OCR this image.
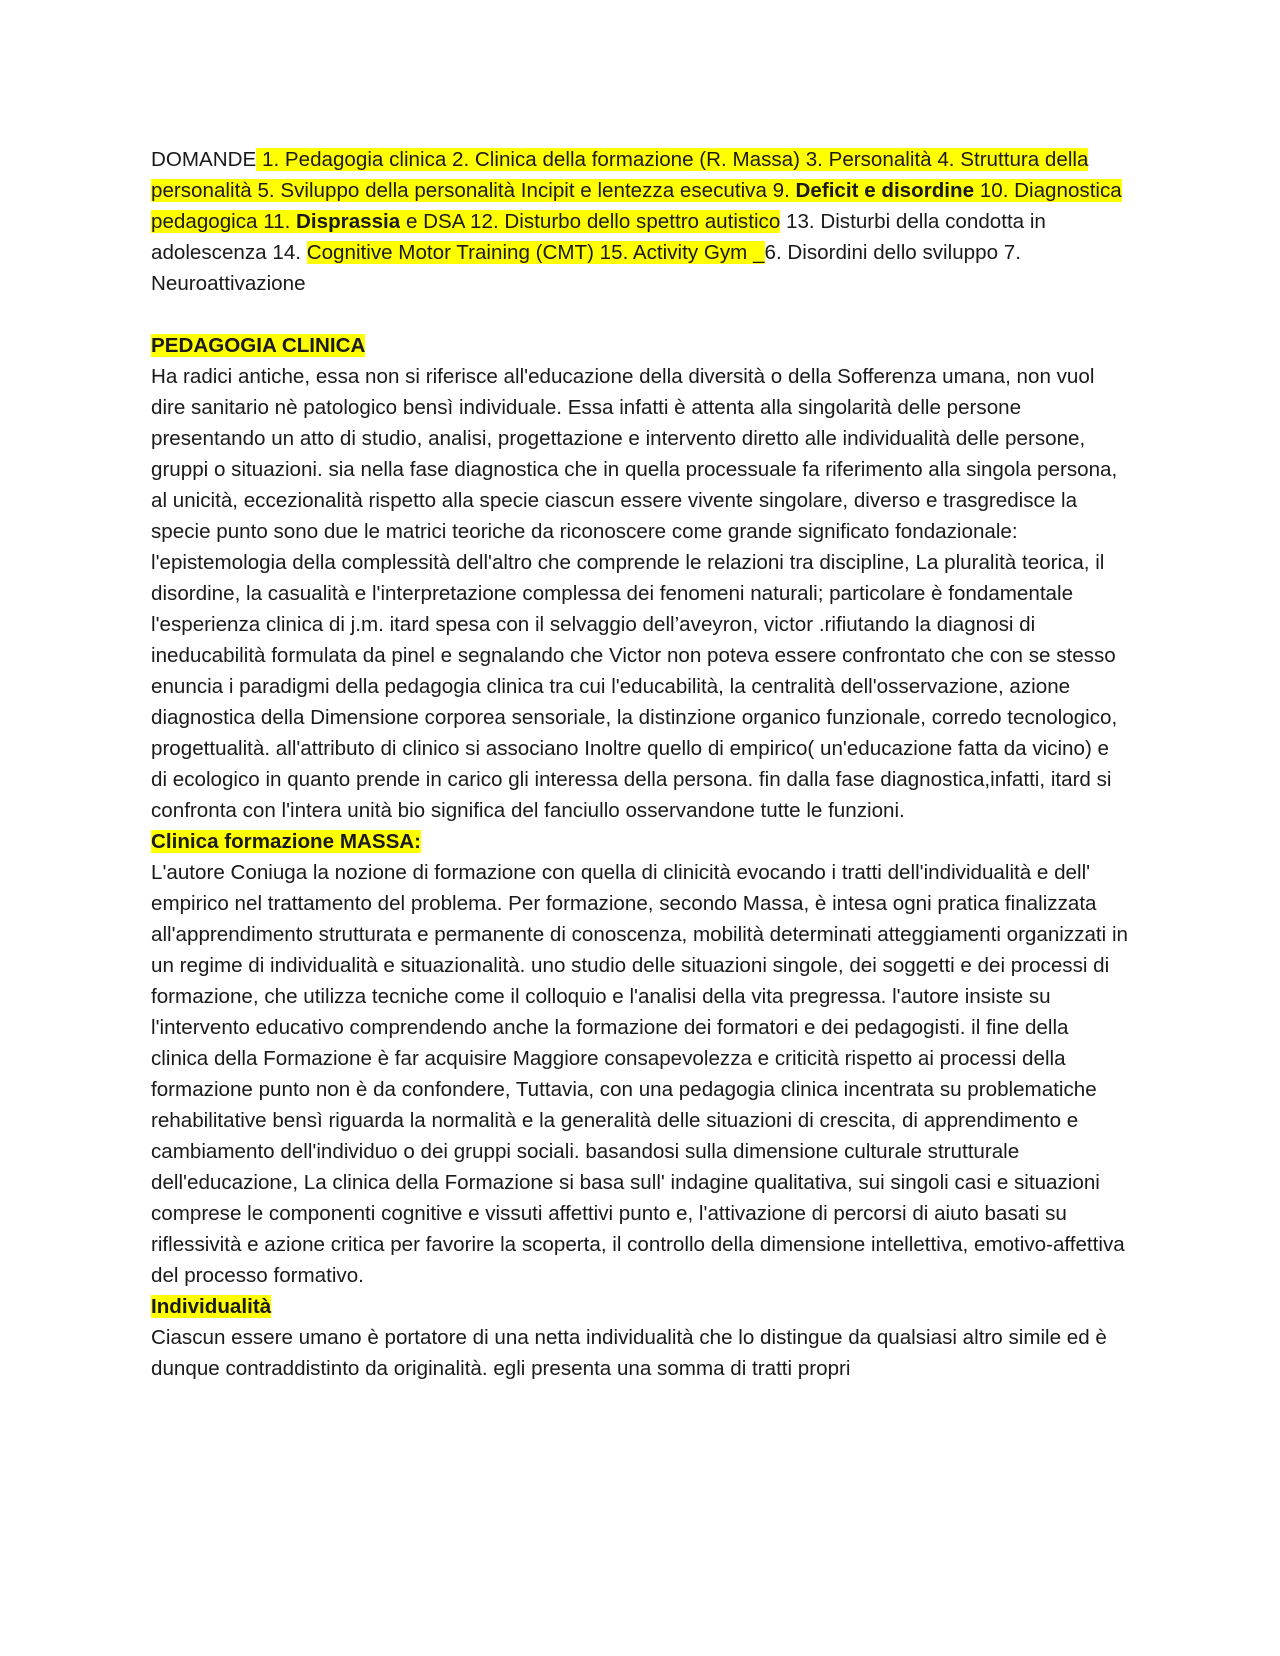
DOMANDE 1. Pedagogia clinica 2. Clinica della formazione (R. Massa) 3. Personalità 4. Struttura della personalità 5. Sviluppo della personalità Incipit e lentezza esecutiva 9. Deficit e disordine 10. Diagnostica pedagogica 11. Disprassia e DSA 12. Disturbo dello spettro autistico 13. Disturbi della condotta in adolescenza 14. Cognitive Motor Training (CMT) 15. Activity Gym _6. Disordini dello sviluppo 7. Neuroattivazione

PEDAGOGIA CLINICA

Ha radici antiche, essa non si riferisce all'educazione della diversità o della Sofferenza umana, non vuol dire sanitario nè patologico bensì individuale. Essa infatti è attenta alla singolarità delle persone presentando un atto di studio, analisi, progettazione e intervento diretto alle individualità delle persone, gruppi o situazioni. sia nella fase diagnostica che in quella processuale fa riferimento alla singola persona, al unicità, eccezionalità rispetto alla specie ciascun essere vivente singolare, diverso e trasgredisce la specie punto sono due le matrici teoriche da riconoscere come grande significato fondazionale: l'epistemologia della complessità dell'altro che comprende le relazioni tra discipline, La pluralità teorica, il disordine, la casualità e l'interpretazione complessa dei fenomeni naturali; particolare è fondamentale l'esperienza clinica di j.m. itard spesa con il selvaggio dell’aveyron, victor .rifiutando la diagnosi di ineducabilità formulata da pinel e segnalando che Victor non poteva essere confrontato che con se stesso enuncia i paradigmi della pedagogia clinica tra cui l'educabilità, la centralità dell'osservazione, azione diagnostica della Dimensione corporea sensoriale, la distinzione organico funzionale, corredo tecnologico, progettualità. all'attributo di clinico si associano Inoltre quello di empirico( un'educazione fatta da vicino) e di ecologico in quanto prende in carico gli interessa della persona. fin dalla fase diagnostica,infatti, itard si confronta con l'intera unità bio significa del fanciullo osservandone tutte le funzioni.

Clinica formazione MASSA:

L'autore Coniuga la nozione di formazione con quella di clinicità evocando i tratti dell'individualità e dell' empirico nel trattamento del problema. Per formazione, secondo Massa, è intesa ogni pratica finalizzata all'apprendimento strutturata e permanente di conoscenza, mobilità determinati atteggiamenti organizzati in un regime di individualità e situazionalità. uno studio delle situazioni singole, dei soggetti e dei processi di formazione, che utilizza tecniche come il colloquio e l'analisi della vita pregressa. l'autore insiste su l'intervento educativo comprendendo anche la formazione dei formatori e dei pedagogisti. il fine della clinica della Formazione è far acquisire Maggiore consapevolezza e criticità rispetto ai processi della formazione punto non è da confondere, Tuttavia, con una pedagogia clinica incentrata su problematiche rehabilitative bensì riguarda la normalità e la generalità delle situazioni di crescita, di apprendimento e cambiamento dell'individuo o dei gruppi sociali. basandosi sulla dimensione culturale strutturale dell'educazione, La clinica della Formazione si basa sull' indagine qualitativa, sui singoli casi e situazioni comprese le componenti cognitive e vissuti affettivi punto e, l'attivazione di percorsi di aiuto basati su riflessività e azione critica per favorire la scoperta, il controllo della dimensione intellettiva, emotivo-affettiva del processo formativo.

Individualità

Ciascun essere umano è portatore di una netta individualità che lo distingue da qualsiasi altro simile ed è dunque contraddistinto da originalità. egli presenta una somma di tratti propri
